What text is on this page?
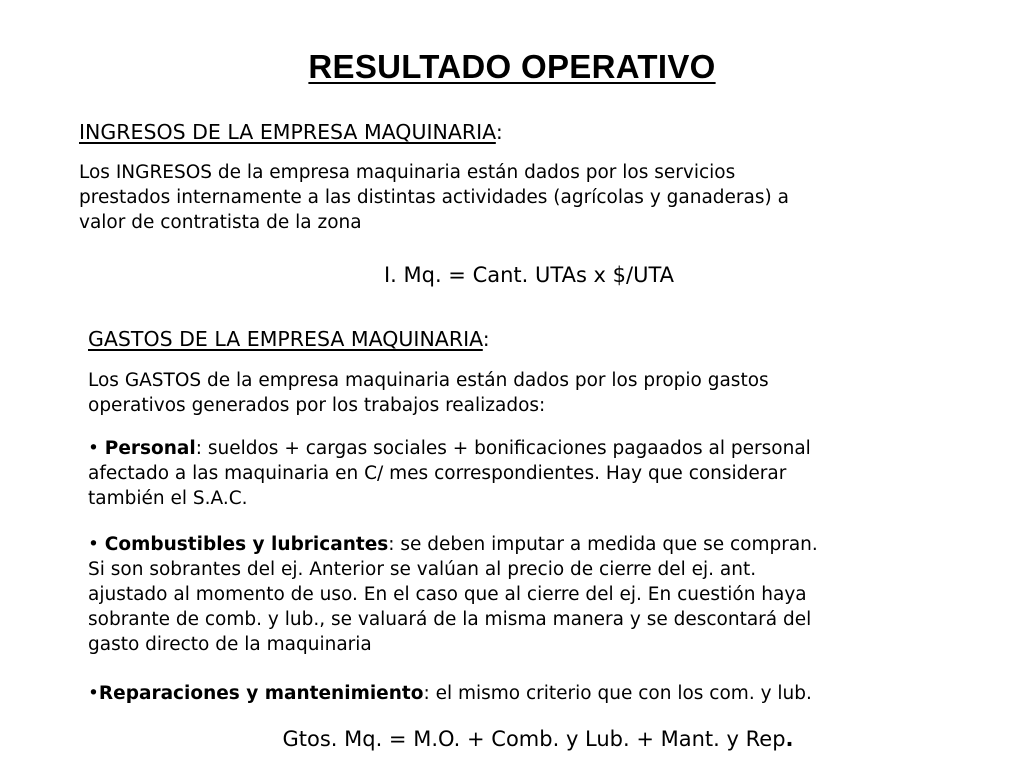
RESULTADO OPERATIVO
INGRESOS DE LA EMPRESA MAQUINARIA:
Los INGRESOS de la empresa maquinaria están dados por los servicios
prestados internamente a las distintas actividades (agrícolas y ganaderas) a
valor de contratista de la zona
I. Mq. = Cant. UTAs x $/UTA
GASTOS DE LA EMPRESA MAQUINARIA:
Los GASTOS de la empresa maquinaria están dados por los propio gastos
operativos generados por los trabajos realizados:
• Personal: sueldos + cargas sociales + bonificaciones pagaados al personal
afectado a las maquinaria en C/ mes correspondientes. Hay que considerar
también el S.A.C.
• Combustibles y lubricantes: se deben imputar a medida que se compran.
Si son sobrantes del ej. Anterior se valúan al precio de cierre del ej. ant.
ajustado al momento de uso. En el caso que al cierre del ej. En cuestión haya
sobrante de comb. y lub., se valuará de la misma manera y se descontará del
gasto directo de la maquinaria
•Reparaciones y mantenimiento: el mismo criterio que con los com. y lub.
Gtos. Mq. = M.O. + Comb. y Lub. + Mant. y Rep.
